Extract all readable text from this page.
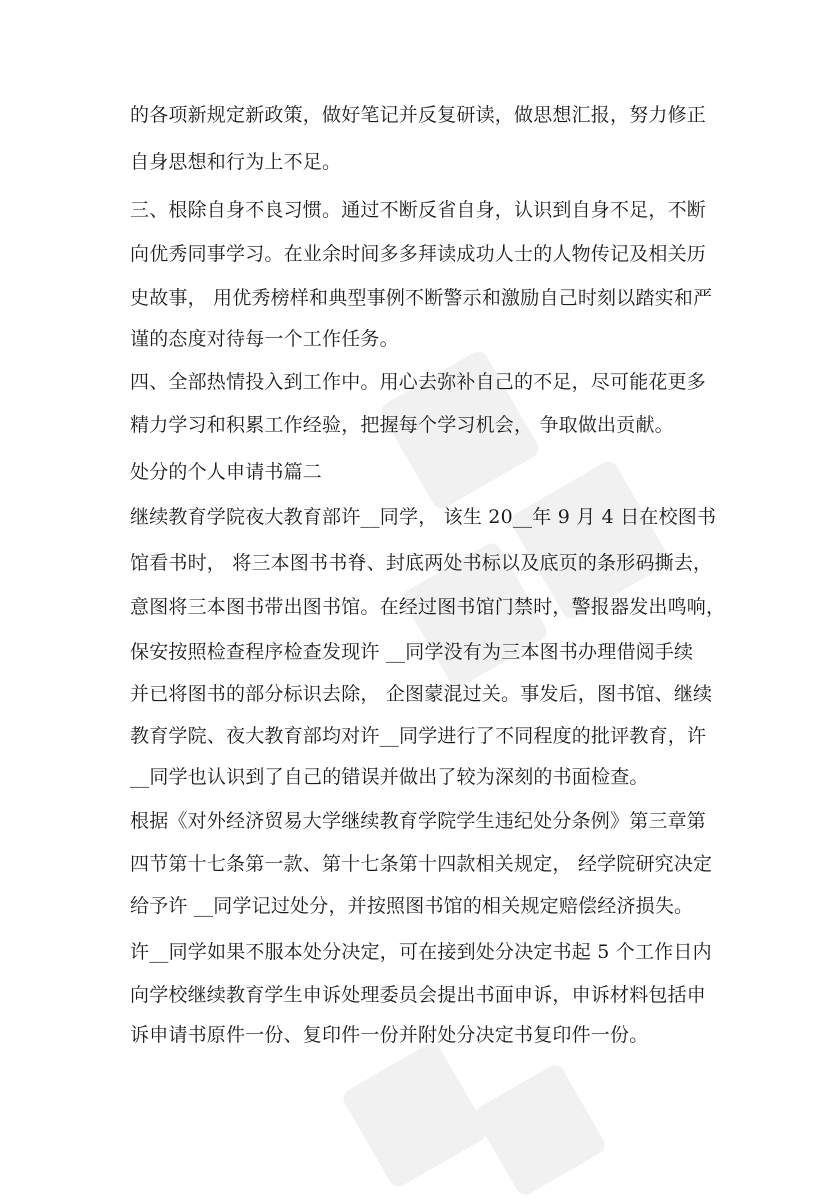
的各项新规定新政策，做好笔记并反复研读，做思想汇报，努力修正
自身思想和行为上不足。
三、根除自身不良习惯。通过不断反省自身，认识到自身不足，不断
向优秀同事学习。在业余时间多多拜读成功人士的人物传记及相关历
史故事， 用优秀榜样和典型事例不断警示和激励自己时刻以踏实和严
谨的态度对待每一个工作任务。
四、全部热情投入到工作中。用心去弥补自己的不足，尽可能花更多
精力学习和积累工作经验，把握每个学习机会， 争取做出贡献。
处分的个人申请书篇二
继续教育学院夜大教育部许__同学， 该生 20__年 9 月 4 日在校图书
馆看书时， 将三本图书书脊、封底两处书标以及底页的条形码撕去，
意图将三本图书带出图书馆。在经过图书馆门禁时，警报器发出鸣响，
保安按照检查程序检查发现许 __同学没有为三本图书办理借阅手续
并已将图书的部分标识去除， 企图蒙混过关。事发后，图书馆、继续
教育学院、夜大教育部均对许__同学进行了不同程度的批评教育，许
__同学也认识到了自己的错误并做出了较为深刻的书面检查。
根据《对外经济贸易大学继续教育学院学生违纪处分条例》第三章第
四节第十七条第一款、第十七条第十四款相关规定， 经学院研究决定
给予许 __同学记过处分，并按照图书馆的相关规定赔偿经济损失。
许__同学如果不服本处分决定，可在接到处分决定书起 5 个工作日内
向学校继续教育学生申诉处理委员会提出书面申诉，申诉材料包括申
诉申请书原件一份、复印件一份并附处分决定书复印件一份。
